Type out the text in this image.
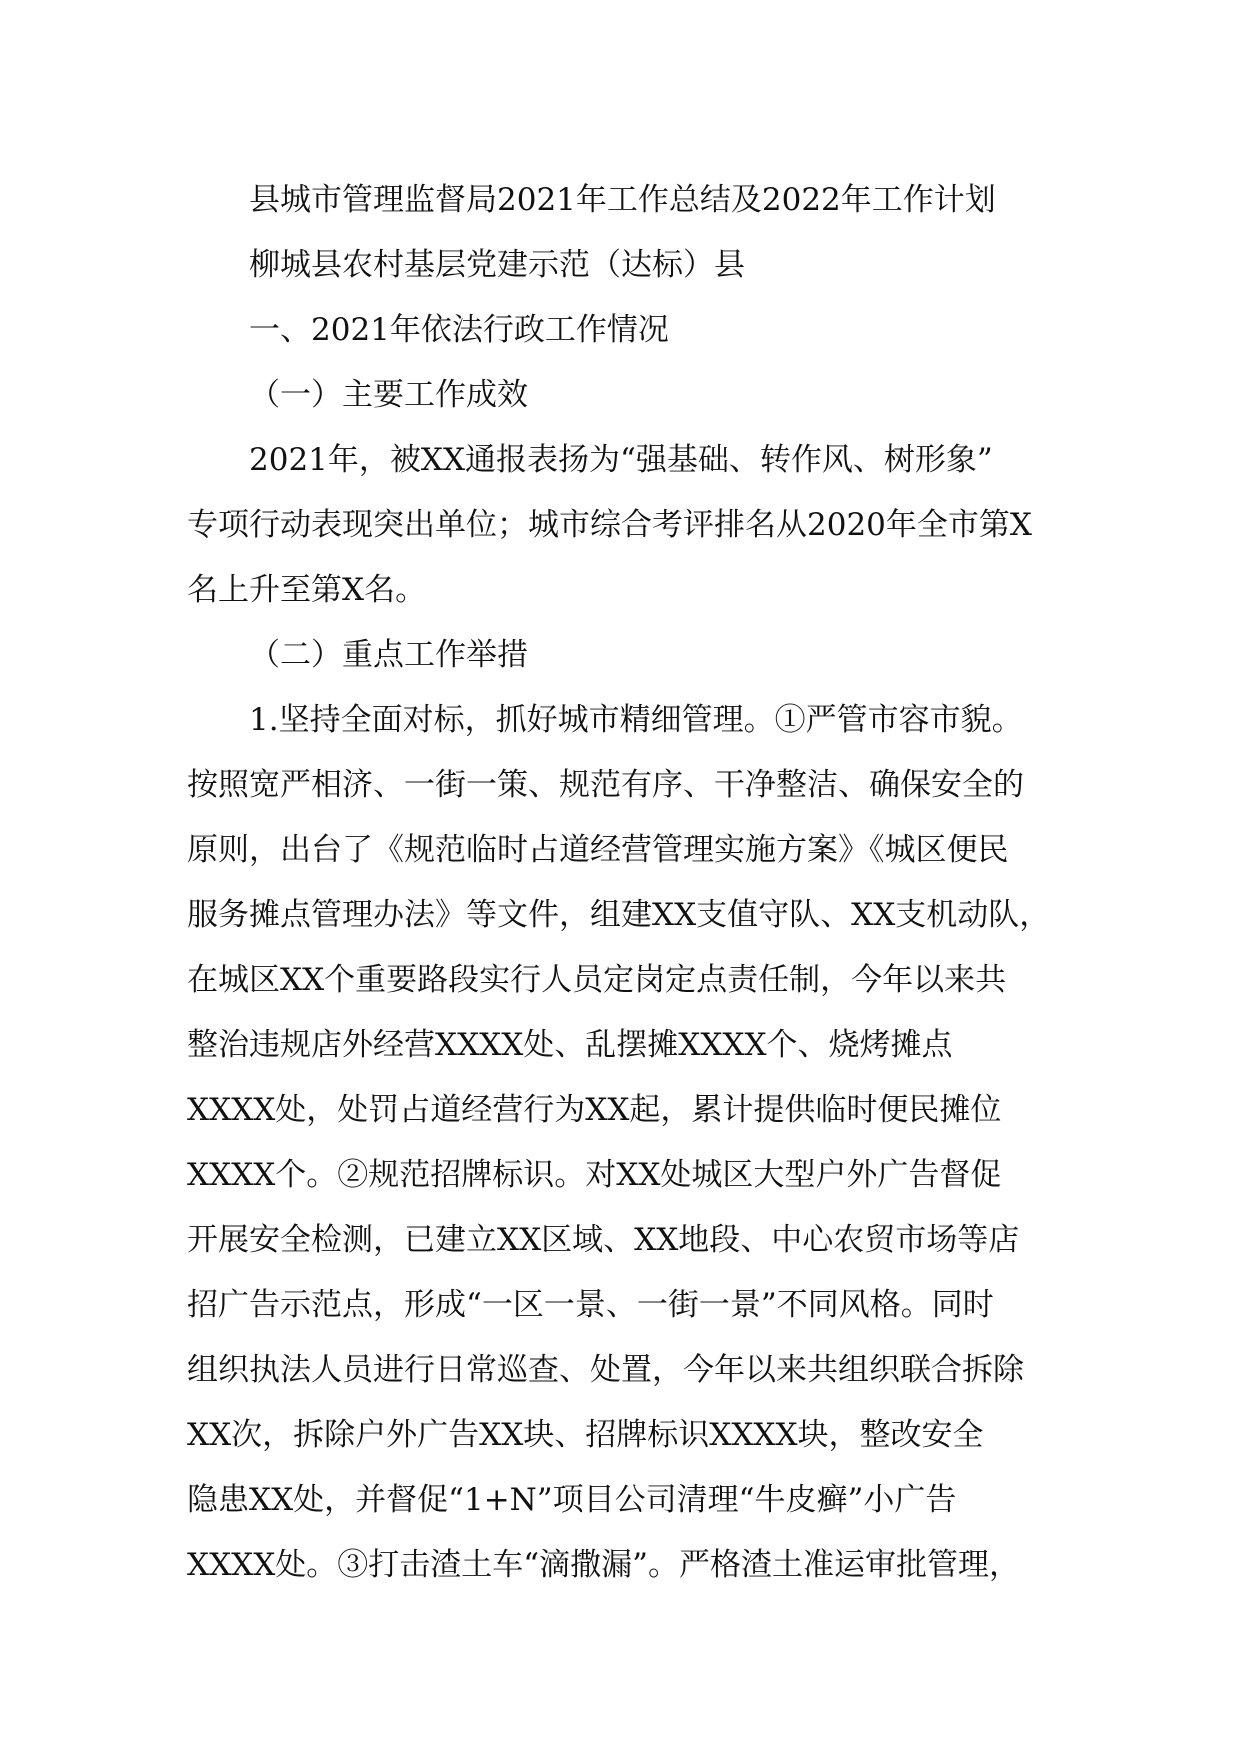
县城市管理监督局2021年工作总结及2022年工作计划
柳城县农村基层党建示范（达标）县
一、2021年依法行政工作情况
（一）主要工作成效
2021年，被XX通报表扬为“强基础、转作风、树形象”
专项行动表现突出单位；城市综合考评排名从2020年全市第X
名上升至第X名。
（二）重点工作举措
1.坚持全面对标，抓好城市精细管理。①严管市容市貌。
按照宽严相济、一街一策、规范有序、干净整洁、确保安全的
原则，出台了《规范临时占道经营管理实施方案》《城区便民
服务摊点管理办法》等文件，组建XX支值守队、XX支机动队，
在城区XX个重要路段实行人员定岗定点责任制，今年以来共
整治违规店外经营XXXX处、乱摆摊XXXX个、烧烤摊点
XXXX处，处罚占道经营行为XX起，累计提供临时便民摊位
XXXX个。②规范招牌标识。对XX处城区大型户外广告督促
开展安全检测，已建立XX区域、XX地段、中心农贸市场等店
招广告示范点，形成“一区一景、一街一景”不同风格。同时
组织执法人员进行日常巡查、处置，今年以来共组织联合拆除
XX次，拆除户外广告XX块、招牌标识XXXX块，整改安全
隐患XX处，并督促“1+N”项目公司清理“牛皮癣”小广告
XXXX处。③打击渣土车“滴撒漏”。严格渣土准运审批管理，
